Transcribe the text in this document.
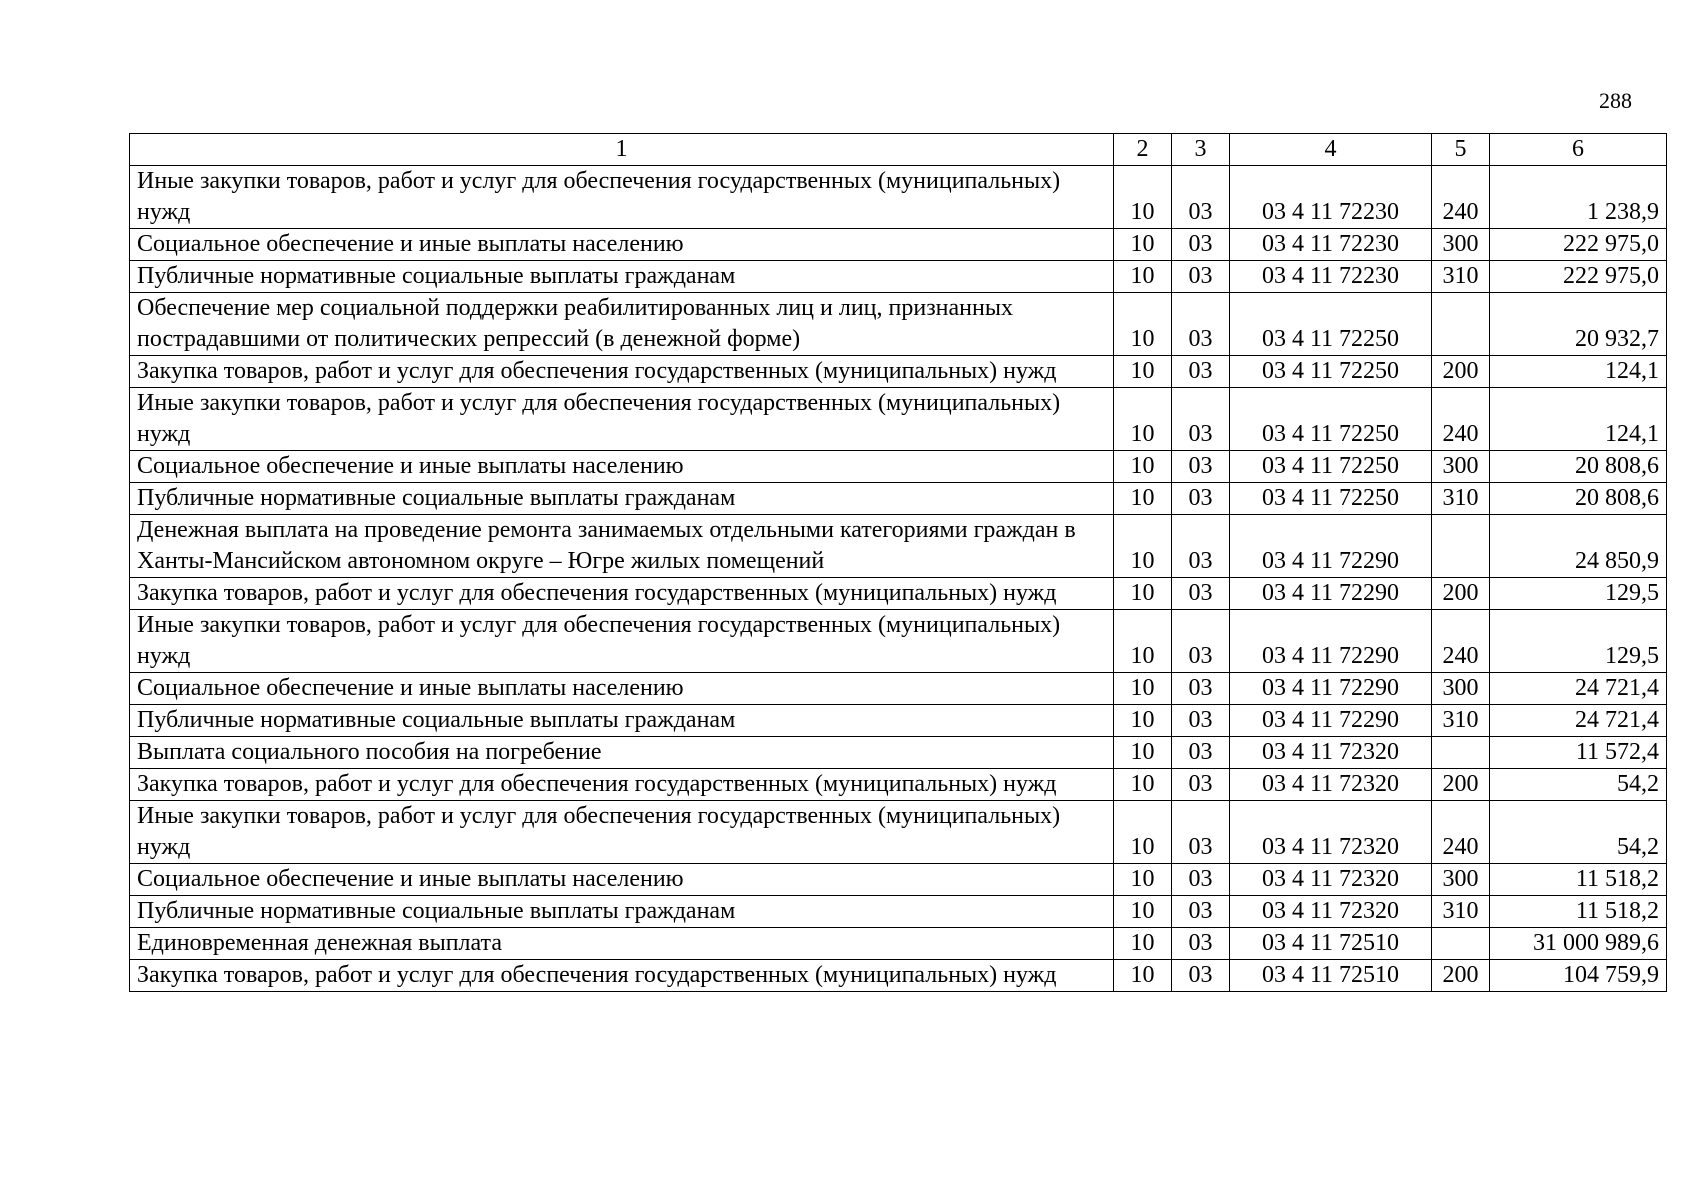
288
1	2	3	4	5	6
Иные закупки товаров, работ и услуг для обеспечения государственных (муниципальных) нужд	10	03	03 4 11 72230	240	1 238,9
Социальное обеспечение и иные выплаты населению	10	03	03 4 11 72230	300	222 975,0
Публичные нормативные социальные выплаты гражданам	10	03	03 4 11 72230	310	222 975,0
Обеспечение мер социальной поддержки реабилитированных лиц и лиц, признанных пострадавшими от политических репрессий (в денежной форме)	10	03	03 4 11 72250		20 932,7
Закупка товаров, работ и услуг для обеспечения государственных (муниципальных) нужд	10	03	03 4 11 72250	200	124,1
Иные закупки товаров, работ и услуг для обеспечения государственных (муниципальных) нужд	10	03	03 4 11 72250	240	124,1
Социальное обеспечение и иные выплаты населению	10	03	03 4 11 72250	300	20 808,6
Публичные нормативные социальные выплаты гражданам	10	03	03 4 11 72250	310	20 808,6
Денежная выплата на проведение ремонта занимаемых отдельными категориями граждан в Ханты-Мансийском автономном округе – Югре жилых помещений	10	03	03 4 11 72290		24 850,9
Закупка товаров, работ и услуг для обеспечения государственных (муниципальных) нужд	10	03	03 4 11 72290	200	129,5
Иные закупки товаров, работ и услуг для обеспечения государственных (муниципальных) нужд	10	03	03 4 11 72290	240	129,5
Социальное обеспечение и иные выплаты населению	10	03	03 4 11 72290	300	24 721,4
Публичные нормативные социальные выплаты гражданам	10	03	03 4 11 72290	310	24 721,4
Выплата социального пособия на погребение	10	03	03 4 11 72320		11 572,4
Закупка товаров, работ и услуг для обеспечения государственных (муниципальных) нужд	10	03	03 4 11 72320	200	54,2
Иные закупки товаров, работ и услуг для обеспечения государственных (муниципальных) нужд	10	03	03 4 11 72320	240	54,2
Социальное обеспечение и иные выплаты населению	10	03	03 4 11 72320	300	11 518,2
Публичные нормативные социальные выплаты гражданам	10	03	03 4 11 72320	310	11 518,2
Единовременная денежная выплата	10	03	03 4 11 72510		31 000 989,6
Закупка товаров, работ и услуг для обеспечения государственных (муниципальных) нужд	10	03	03 4 11 72510	200	104 759,9
